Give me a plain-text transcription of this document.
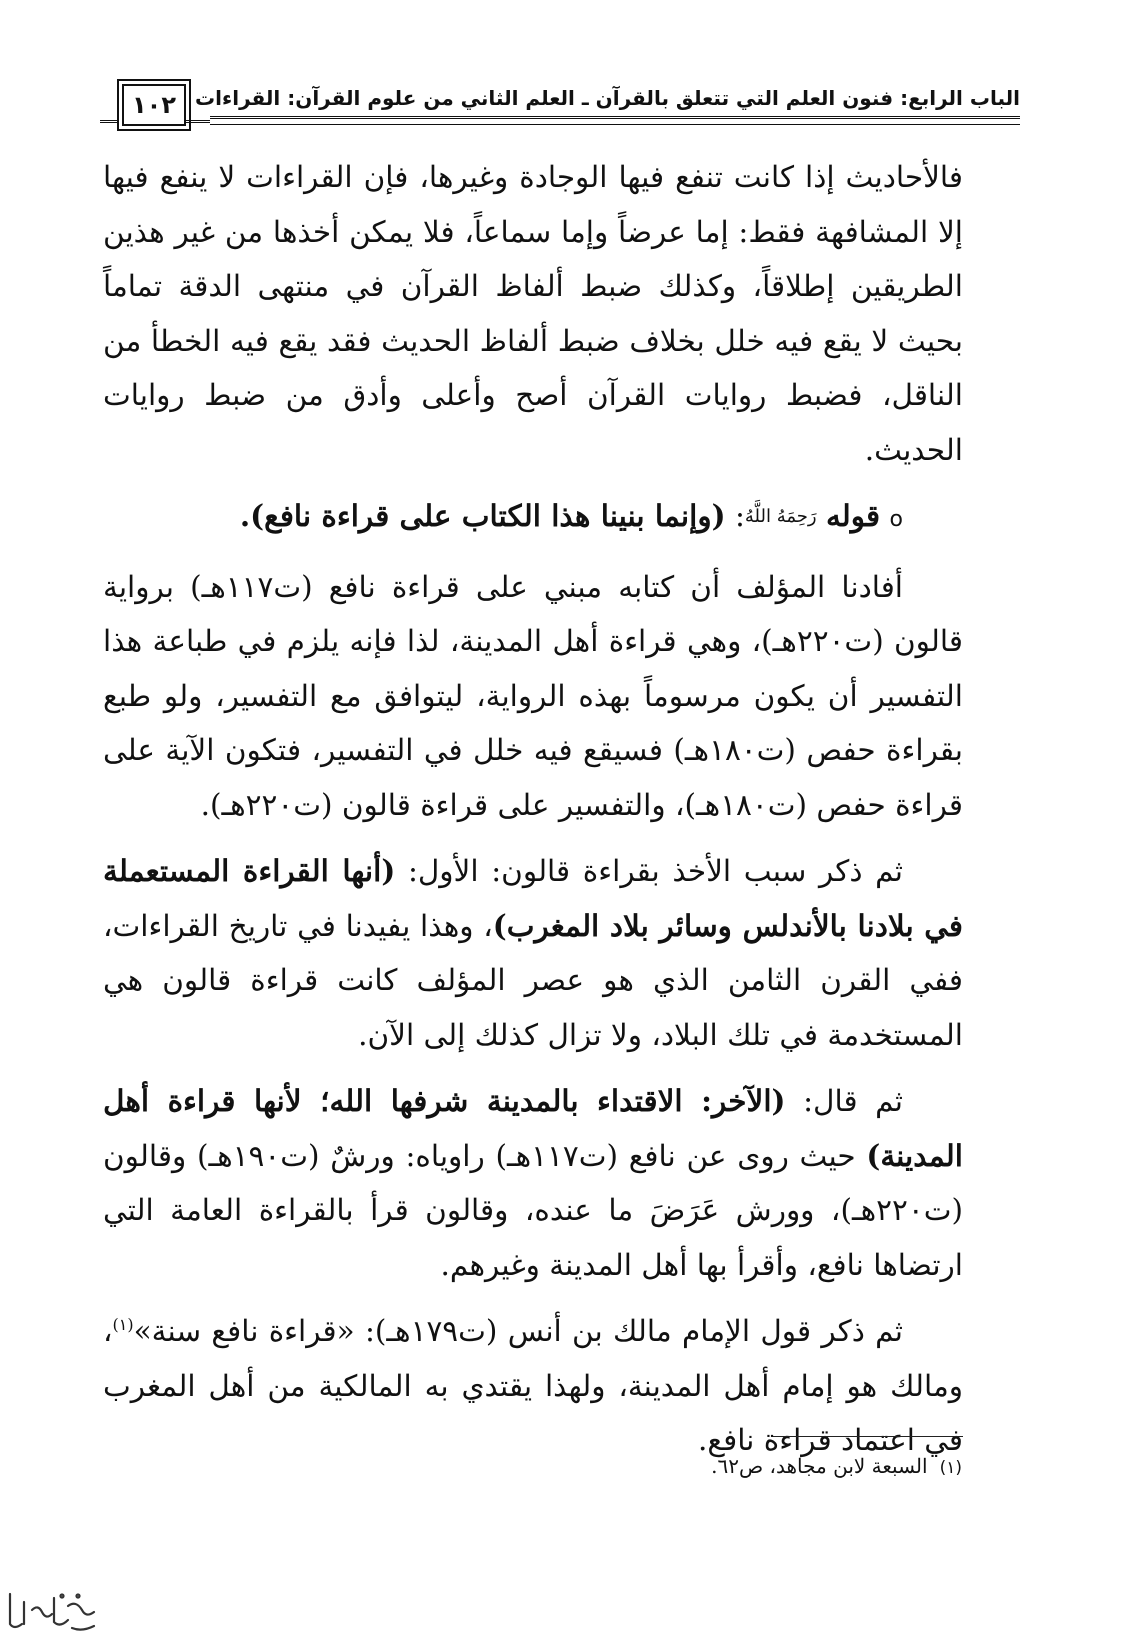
١٠٢ الباب الرابع: فنون العلم التي تتعلق بالقرآن ـ العلم الثاني من علوم القرآن: القراءات

فالأحاديث إذا كانت تنفع فيها الوجادة وغيرها، فإن القراءات لا ينفع فيها إلا المشافهة فقط: إما عرضاً وإما سماعاً، فلا يمكن أخذها من غير هذين الطريقين إطلاقاً، وكذلك ضبط ألفاظ القرآن في منتهى الدقة تماماً بحيث لا يقع فيه خلل بخلاف ضبط ألفاظ الحديث فقد يقع فيه الخطأ من الناقل، فضبط روايات القرآن أصح وأعلى وأدق من ضبط روايات الحديث.

o قوله رَحِمَهُ اللَّهُ: (وإنما بنينا هذا الكتاب على قراءة نافع).

أفادنا المؤلف أن كتابه مبني على قراءة نافع (ت١١٧هـ) برواية قالون (ت٢٢٠هـ)، وهي قراءة أهل المدينة، لذا فإنه يلزم في طباعة هذا التفسير أن يكون مرسوماً بهذه الرواية، ليتوافق مع التفسير، ولو طبع بقراءة حفص (ت١٨٠هـ) فسيقع فيه خلل في التفسير، فتكون الآية على قراءة حفص (ت١٨٠هـ)، والتفسير على قراءة قالون (ت٢٢٠هـ).

ثم ذكر سبب الأخذ بقراءة قالون: الأول: (أنها القراءة المستعملة في بلادنا بالأندلس وسائر بلاد المغرب)، وهذا يفيدنا في تاريخ القراءات، ففي القرن الثامن الذي هو عصر المؤلف كانت قراءة قالون هي المستخدمة في تلك البلاد، ولا تزال كذلك إلى الآن.

ثم قال: (الآخر: الاقتداء بالمدينة شرفها الله؛ لأنها قراءة أهل المدينة) حيث روى عن نافع (ت١١٧هـ) راوياه: ورشٌ (ت١٩٠هـ) وقالون (ت٢٢٠هـ)، وورش عَرَضَ ما عنده، وقالون قرأ بالقراءة العامة التي ارتضاها نافع، وأقرأ بها أهل المدينة وغيرهم.

ثم ذكر قول الإمام مالك بن أنس (ت١٧٩هـ): «قراءة نافع سنة»$^{(١)}$، ومالك هو إمام أهل المدينة، ولهذا يقتدي به المالكية من أهل المغرب في اعتماد قراءة نافع.

(١)السبعة لابن مجاهد، ص٦٢.
